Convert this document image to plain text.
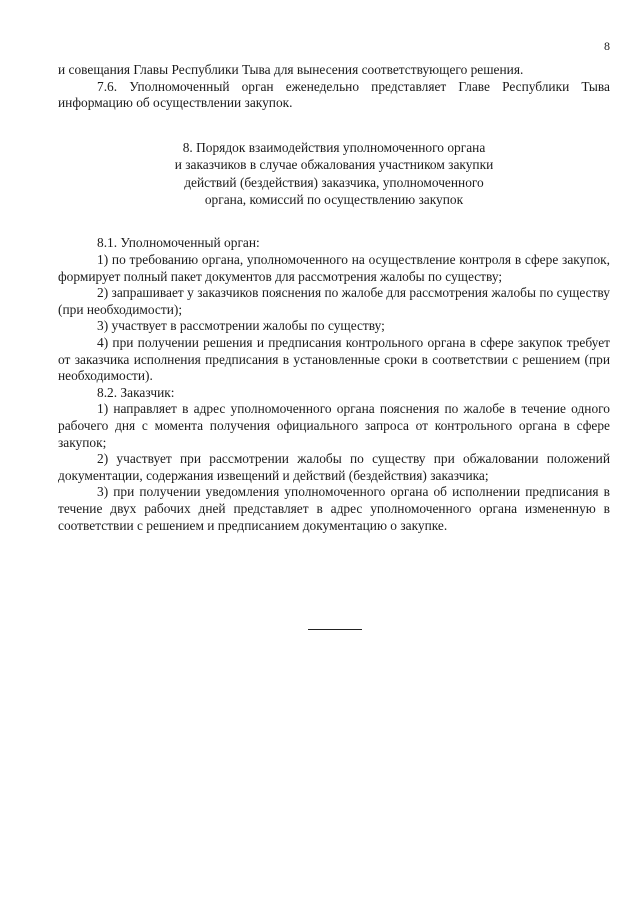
8

и совещания Главы Республики Тыва для вынесения соответствующего решения.

7.6. Уполномоченный орган еженедельно представляет Главе Республики Тыва информацию об осуществлении закупок.

8. Порядок взаимодействия уполномоченного органа
и заказчиков в случае обжалования участником закупки
действий (бездействия) заказчика, уполномоченного
органа, комиссий по осуществлению закупок

8.1. Уполномоченный орган:

1) по требованию органа, уполномоченного на осуществление контроля в сфере закупок, формирует полный пакет документов для рассмотрения жалобы по существу;

2) запрашивает у заказчиков пояснения по жалобе для рассмотрения жалобы по существу (при необходимости);

3) участвует в рассмотрении жалобы по существу;

4) при получении решения и предписания контрольного органа в сфере закупок требует от заказчика исполнения предписания в установленные сроки в соответствии с решением (при необходимости).

8.2. Заказчик:

1) направляет в адрес уполномоченного органа пояснения по жалобе в течение одного рабочего дня с момента получения официального запроса от контрольного органа в сфере закупок;

2) участвует при рассмотрении жалобы по существу при обжаловании положений документации, содержания извещений и действий (бездействия) заказчика;

3) при получении уведомления уполномоченного органа об исполнении предписания в течение двух рабочих дней представляет в адрес уполномоченного органа измененную в соответствии с решением и предписанием документацию о закупке.
